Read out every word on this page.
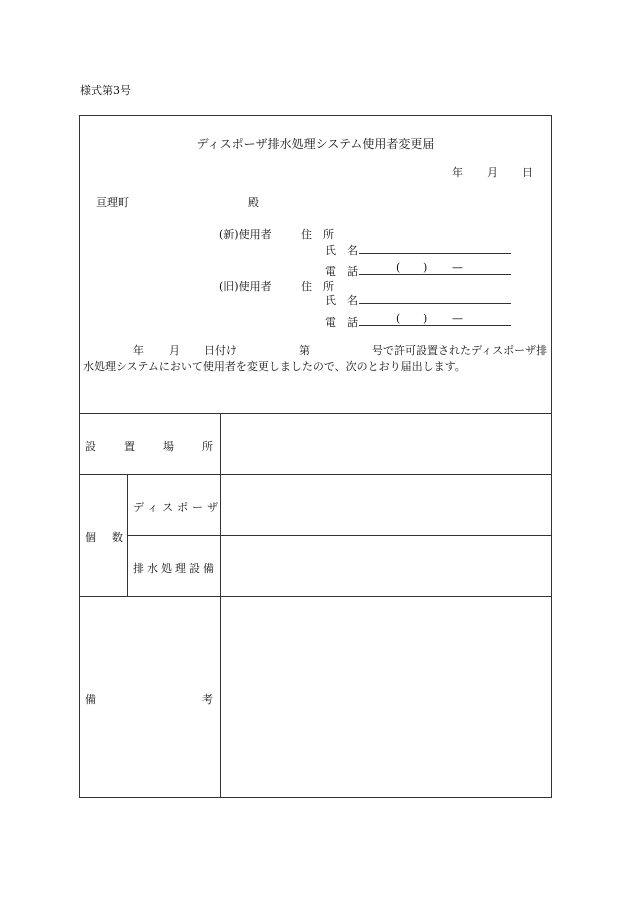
様式第3号
ディスポーザ排水処理システム使用者変更届
年 月 日
亘理町	殿
(新)使用者	住　所
氏　名
電　話	( ) —
(旧)使用者	住　所
氏　名
電　話	( ) —
年 月 日付け	第	号で許可設置されたディスポーザ排
水処理システムにおいて使用者を変更しましたので、次のとおり届出します。
設	置	場	所
個 数
ディスポーザ
排水処理設備
備	考
